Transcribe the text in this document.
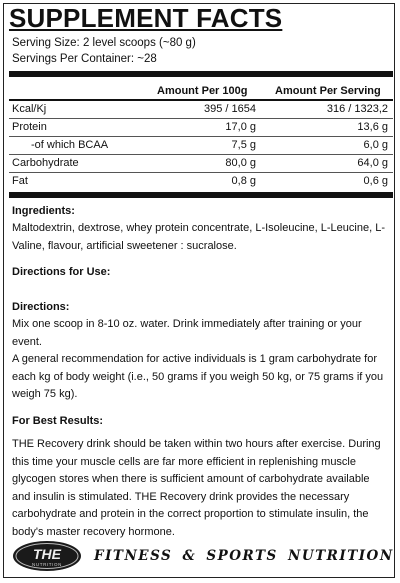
SUPPLEMENT FACTS
Serving Size: 2 level scoops (~80 g)
Servings Per Container: ~28
Amount Per 100g	Amount Per Serving
Kcal/Kj	395 / 1654	316 / 1323,2
Protein	17,0 g	13,6 g
-of which BCAA	7,5 g	6,0 g
Carbohydrate	80,0 g	64,0 g
Fat	0,8 g	0,6 g
Ingredients:
Maltodextrin, dextrose, whey protein concentrate, L-Isoleucine, L-Leucine, L-Valine, flavour, artificial sweetener : sucralose.
Directions for Use:
Directions:
Mix one scoop in 8-10 oz. water. Drink immediately after training or your event.
A general recommendation for active individuals is 1 gram carbohydrate for each kg of body weight (i.e., 50 grams if you weigh 50 kg, or 75 grams if you weigh 75 kg).
For Best Results:
THE Recovery drink should be taken within two hours after exercise. During this time your muscle cells are far more efficient in replenishing muscle glycogen stores when there is sufficient amount of carbohydrate available and insulin is stimulated. THE Recovery drink provides the necessary carbohydrate and protein in the correct proportion to stimulate insulin, the body's master recovery hormone.
THE
NUTRITION
FITNESS & SPORTS NUTRITION
